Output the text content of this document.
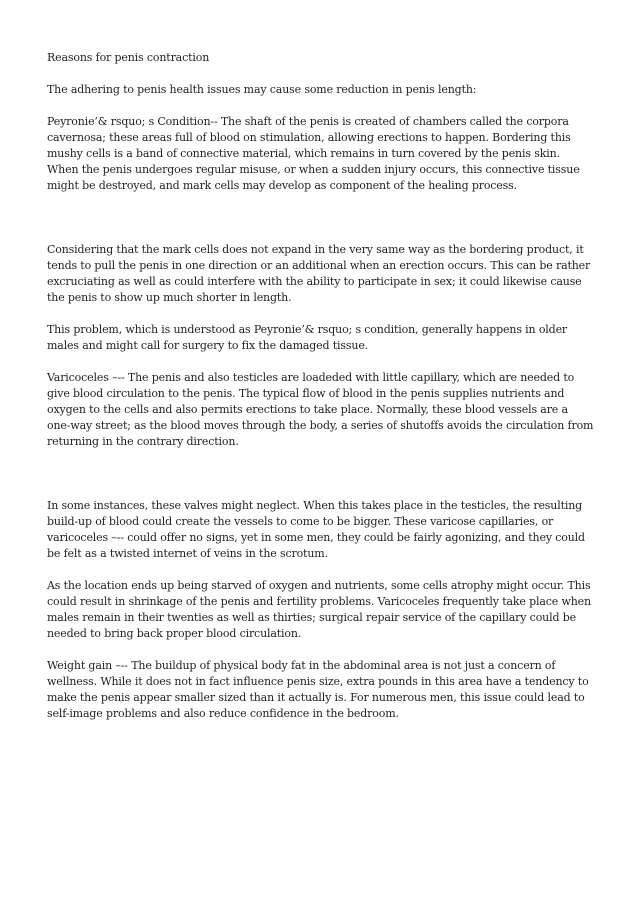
Reasons for penis contraction
The adhering to penis health issues may cause some reduction in penis length:
Peyronie’& rsquo; s Condition-- The shaft of the penis is created of chambers called the corpora cavernosa; these areas full of blood on stimulation, allowing erections to happen. Bordering this mushy cells is a band of connective material, which remains in turn covered by the penis skin. When the penis undergoes regular misuse, or when a sudden injury occurs, this connective tissue might be destroyed, and mark cells may develop as component of the healing process.
Considering that the mark cells does not expand in the very same way as the bordering product, it tends to pull the penis in one direction or an additional when an erection occurs. This can be rather excruciating as well as could interfere with the ability to participate in sex; it could likewise cause the penis to show up much shorter in length.
This problem, which is understood as Peyronie’& rsquo; s condition, generally happens in older males and might call for surgery to fix the damaged tissue.
Varicoceles –-- The penis and also testicles are loadeded with little capillary, which are needed to give blood circulation to the penis. The typical flow of blood in the penis supplies nutrients and oxygen to the cells and also permits erections to take place. Normally, these blood vessels are a one-way street; as the blood moves through the body, a series of shutoffs avoids the circulation from returning in the contrary direction.
In some instances, these valves might neglect. When this takes place in the testicles, the resulting build-up of blood could create the vessels to come to be bigger. These varicose capillaries, or varicoceles –-- could offer no signs, yet in some men, they could be fairly agonizing, and they could be felt as a twisted internet of veins in the scrotum.
As the location ends up being starved of oxygen and nutrients, some cells atrophy might occur. This could result in shrinkage of the penis and fertility problems. Varicoceles frequently take place when males remain in their twenties as well as thirties; surgical repair service of the capillary could be needed to bring back proper blood circulation.
Weight gain –-- The buildup of physical body fat in the abdominal area is not just a concern of wellness. While it does not in fact influence penis size, extra pounds in this area have a tendency to make the penis appear smaller sized than it actually is. For numerous men, this issue could lead to self-image problems and also reduce confidence in the bedroom.
